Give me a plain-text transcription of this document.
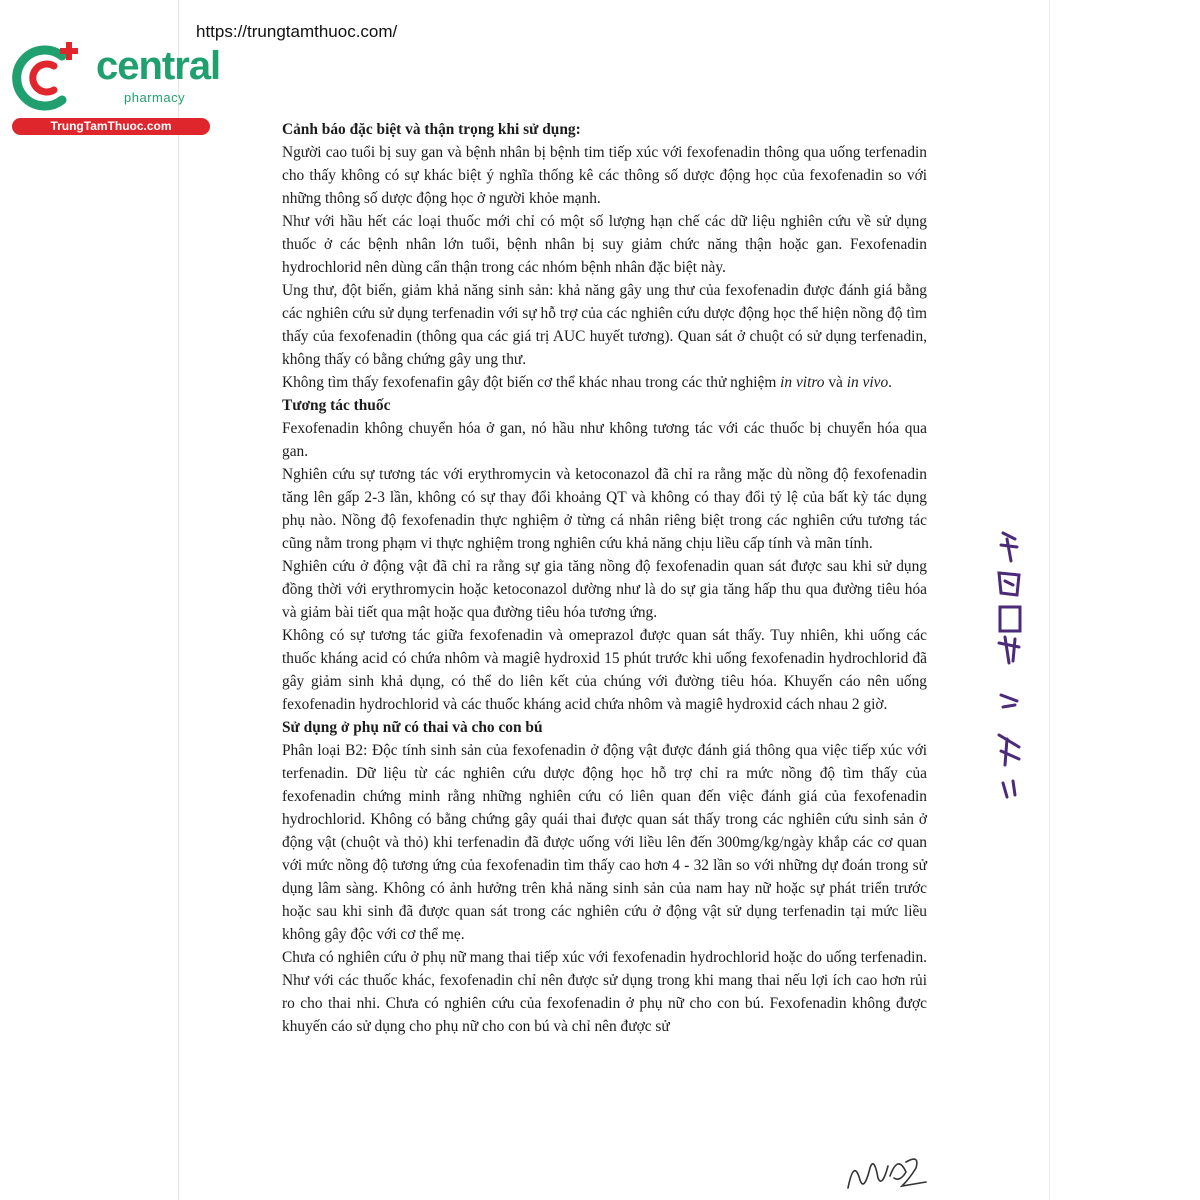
https://trungtamthuoc.com/
central
pharmacy
TrungTamThuoc.com	Cảnh báo đặc biệt và thận trọng khi sử dụng:

Người cao tuổi bị suy gan và bệnh nhân bị bệnh tim tiếp xúc với fexofenadin thông qua uống terfenadin cho thấy không có sự khác biệt ý nghĩa thống kê các thông số dược động học của fexofenadin so với những thông số dược động học ở người khỏe mạnh.

Như với hầu hết các loại thuốc mới chỉ có một số lượng hạn chế các dữ liệu nghiên cứu về sử dụng thuốc ở các bệnh nhân lớn tuổi, bệnh nhân bị suy giảm chức năng thận hoặc gan. Fexofenadin hydrochlorid nên dùng cẩn thận trong các nhóm bệnh nhân đặc biệt này.

Ung thư, đột biến, giảm khả năng sinh sản: khả năng gây ung thư của fexofenadin được đánh giá bằng các nghiên cứu sử dụng terfenadin với sự hỗ trợ của các nghiên cứu dược động học thể hiện nồng độ tìm thấy của fexofenadin (thông qua các giá trị AUC huyết tương). Quan sát ở chuột có sử dụng terfenadin, không thấy có bằng chứng gây ung thư.

Không tìm thấy fexofenafin gây đột biến cơ thể khác nhau trong các thử nghiệm in vitro và in vivo.

Tương tác thuốc

Fexofenadin không chuyển hóa ở gan, nó hầu như không tương tác với các thuốc bị chuyển hóa qua gan.

Nghiên cứu sự tương tác với erythromycin và ketoconazol đã chỉ ra rằng mặc dù nồng độ fexofenadin tăng lên gấp 2-3 lần, không có sự thay đổi khoảng QT và không có thay đổi tỷ lệ của bất kỳ tác dụng phụ nào. Nồng độ fexofenadin thực nghiệm ở từng cá nhân riêng biệt trong các nghiên cứu tương tác cũng nằm trong phạm vi thực nghiệm trong nghiên cứu khả năng chịu liều cấp tính và mãn tính.

Nghiên cứu ở động vật đã chỉ ra rằng sự gia tăng nồng độ fexofenadin quan sát được sau khi sử dụng đồng thời với erythromycin hoặc ketoconazol dường như là do sự gia tăng hấp thu qua đường tiêu hóa và giảm bài tiết qua mật hoặc qua đường tiêu hóa tương ứng.

Không có sự tương tác giữa fexofenadin và omeprazol được quan sát thấy. Tuy nhiên, khi uống các thuốc kháng acid có chứa nhôm và magiê hydroxid 15 phút trước khi uống fexofenadin hydrochlorid đã gây giảm sinh khả dụng, có thể do liên kết của chúng với đường tiêu hóa. Khuyến cáo nên uống fexofenadin hydrochlorid và các thuốc kháng acid chứa nhôm và magiê hydroxid cách nhau 2 giờ.

Sử dụng ở phụ nữ có thai và cho con bú

Phân loại B2: Độc tính sinh sản của fexofenadin ở động vật được đánh giá thông qua việc tiếp xúc với terfenadin. Dữ liệu từ các nghiên cứu dược động học hỗ trợ chỉ ra mức nồng độ tìm thấy của fexofenadin chứng minh rằng những nghiên cứu có liên quan đến việc đánh giá của fexofenadin hydrochlorid. Không có bằng chứng gây quái thai được quan sát thấy trong các nghiên cứu sinh sản ở động vật (chuột và thỏ) khi terfenadin đã được uống với liều lên đến 300mg/kg/ngày khắp các cơ quan với mức nồng độ tương ứng của fexofenadin tìm thấy cao hơn 4 - 32 lần so với những dự đoán trong sử dụng lâm sàng. Không có ảnh hưởng trên khả năng sinh sản của nam hay nữ hoặc sự phát triển trước hoặc sau khi sinh đã được quan sát trong các nghiên cứu ở động vật sử dụng terfenadin tại mức liều không gây độc với cơ thể mẹ.

Chưa có nghiên cứu ở phụ nữ mang thai tiếp xúc với fexofenadin hydrochlorid hoặc do uống terfenadin. Như với các thuốc khác, fexofenadin chỉ nên được sử dụng trong khi mang thai nếu lợi ích cao hơn rủi ro cho thai nhi. Chưa có nghiên cứu của fexofenadin ở phụ nữ cho con bú. Fexofenadin không được khuyến cáo sử dụng cho phụ nữ cho con bú và chỉ nên được sử
